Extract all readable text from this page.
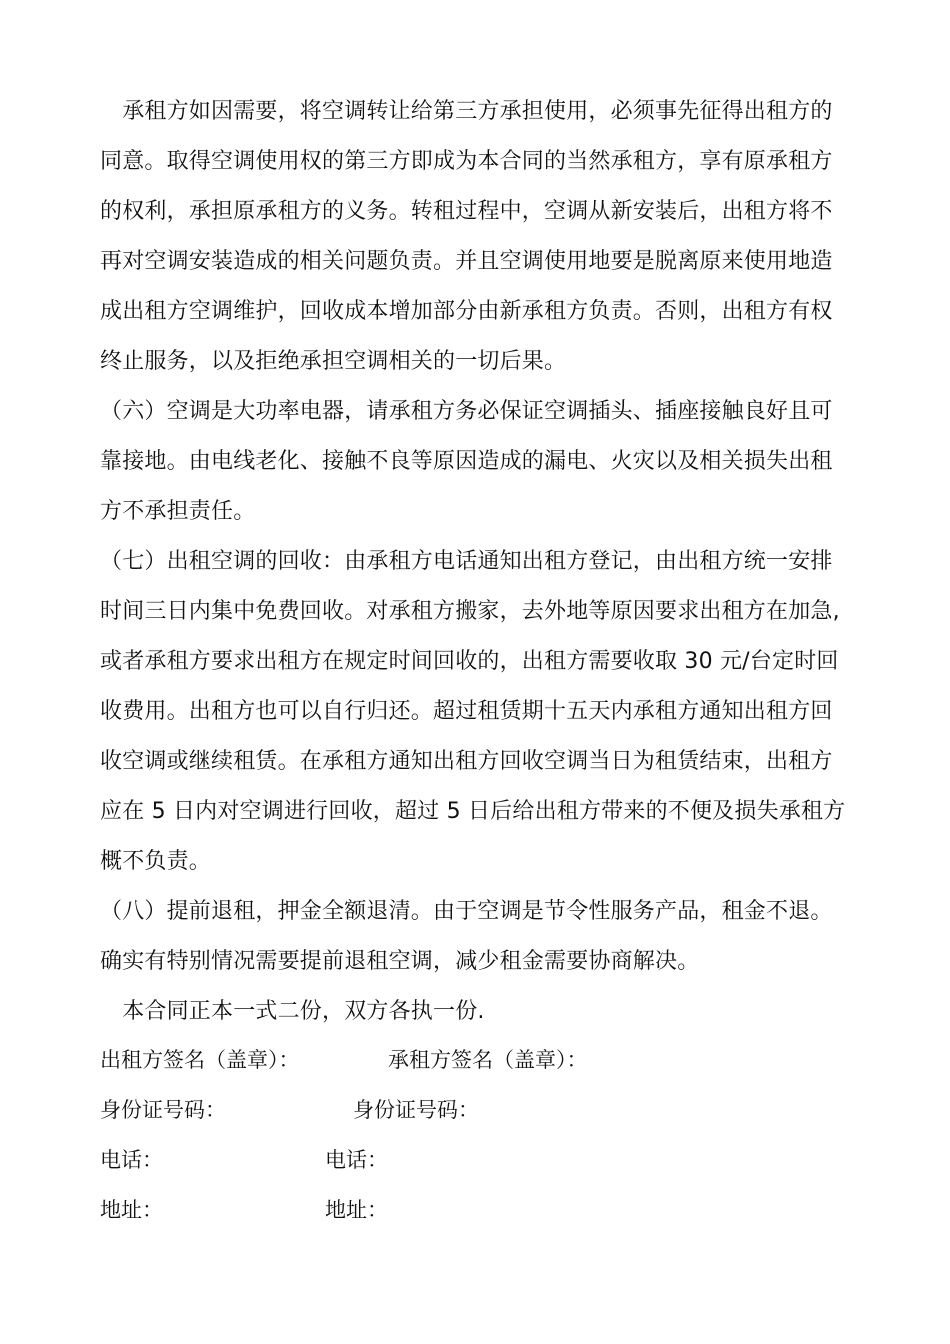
　承租方如因需要，将空调转让给第三方承担使用，必须事先征得出租方的
同意。取得空调使用权的第三方即成为本合同的当然承租方，享有原承租方
的权利，承担原承租方的义务。转租过程中，空调从新安装后，出租方将不
再对空调安装造成的相关问题负责。并且空调使用地要是脱离原来使用地造
成出租方空调维护，回收成本增加部分由新承租方负责。否则，出租方有权
终止服务，以及拒绝承担空调相关的一切后果。
（六）空调是大功率电器，请承租方务必保证空调插头、插座接触良好且可
靠接地。由电线老化、接触不良等原因造成的漏电、火灾以及相关损失出租
方不承担责任。
（七）出租空调的回收：由承租方电话通知出租方登记，由出租方统一安排
时间三日内集中免费回收。对承租方搬家，去外地等原因要求出租方在加急,
或者承租方要求出租方在规定时间回收的，出租方需要收取 30 元/台定时回
收费用。出租方也可以自行归还。超过租赁期十五天内承租方通知出租方回
收空调或继续租赁。在承租方通知出租方回收空调当日为租赁结束，出租方
应在 5 日内对空调进行回收，超过 5 日后给出租方带来的不便及损失承租方
概不负责。
（八）提前退租，押金全额退清。由于空调是节令性服务产品，租金不退。
确实有特别情况需要提前退租空调，减少租金需要协商解决。
　本合同正本一式二份，双方各执一份.
出租方签名（盖章）：	承租方签名（盖章）：
身份证号码：	身份证号码：
电话：	电话：
地址：	地址：
